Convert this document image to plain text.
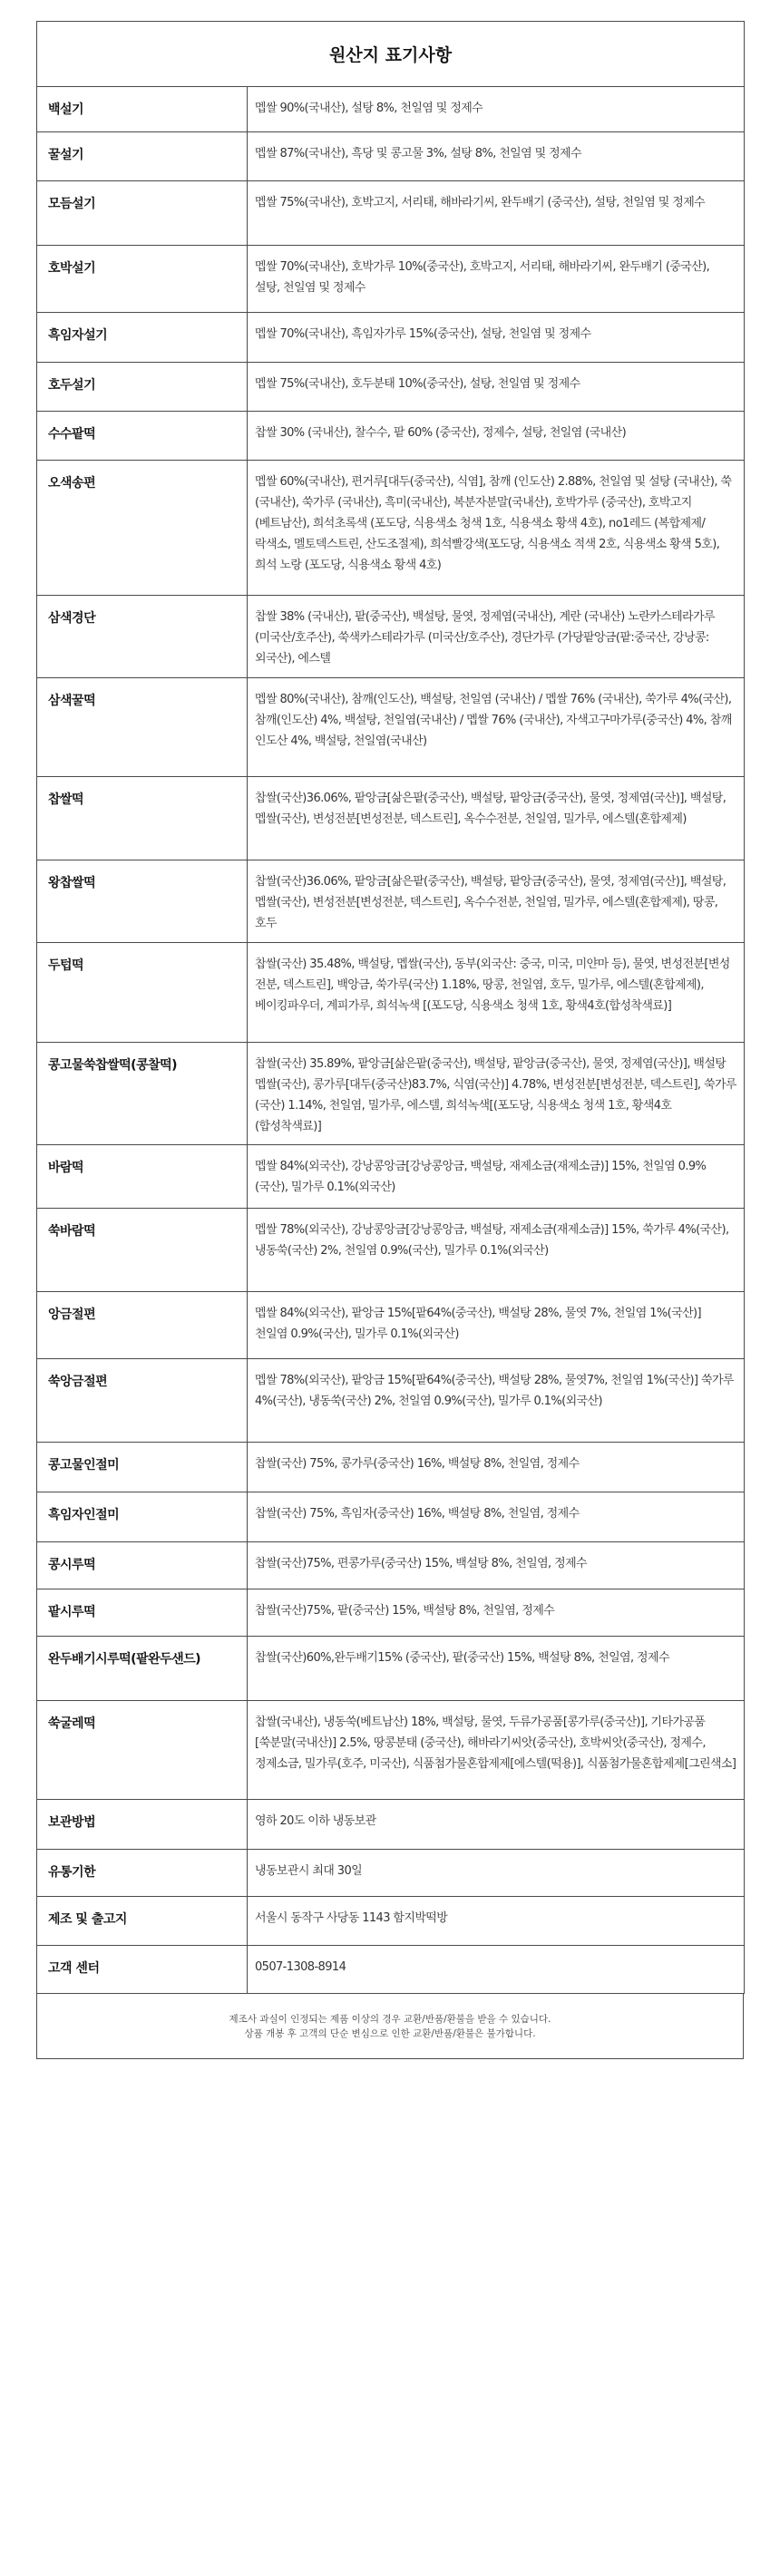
원산지 표기사항	
백설기	멥쌀 90%(국내산), 설탕 8%, 천일염 및 정제수
꿀설기	멥쌀 87%(국내산), 흑당 및 콩고물 3%, 설탕 8%, 천일염 및 정제수
모듬설기	멥쌀 75%(국내산), 호박고지, 서리태, 해바라기씨, 완두배기 (중국산), 설탕, 천일염 및 정제수
호박설기	멥쌀 70%(국내산), 호박가루 10%(중국산), 호박고지, 서리태, 해바라기씨, 완두배기 (중국산), 설탕, 천일염 및 정제수
흑임자설기	멥쌀 70%(국내산), 흑임자가루 15%(중국산), 설탕, 천일염 및 정제수
호두설기	멥쌀 75%(국내산), 호두분태 10%(중국산), 설탕, 천일염 및 정제수
수수팥떡	찹쌀 30% (국내산), 찰수수, 팥 60% (중국산), 정제수, 설탕, 천일염 (국내산)
오색송편	멥쌀 60%(국내산), 편거루[대두(중국산), 식염], 참깨 (인도산) 2.88%, 천일염 및 설탕 (국내산), 쑥 (국내산), 쑥가루 (국내산), 흑미(국내산), 복분자분말(국내산), 호박가루 (중국산), 호박고지 (베트남산), 희석초록색 (포도당, 식용색소 청색 1호, 식용색소 황색 4호), no1레드 (복합제제/락색소, 멜토덱스트린, 산도조절제), 희석빨강색(포도당, 식용색소 적색 2호, 식용색소 황색 5호), 희석 노랑 (포도당, 식용색소 황색 4호)
삼색경단	찹쌀 38% (국내산), 팥(중국산), 백설탕, 물엿, 정제염(국내산), 계란 (국내산) 노란카스테라가루 (미국산/호주산), 쑥색카스테라가루 (미국산/호주산), 경단가루 (가당팥앙금(팥:중국산, 강낭콩:외국산), 에스텔
삼색꿀떡	멥쌀 80%(국내산), 참깨(인도산), 백설탕, 천일염 (국내산) / 멥쌀 76% (국내산), 쑥가루 4%(국산), 참깨(인도산) 4%, 백설탕, 천일염(국내산) / 멥쌀 76% (국내산), 자색고구마가루(중국산) 4%, 참깨 인도산 4%, 백설탕, 천일염(국내산)
찹쌀떡	찹쌀(국산)36.06%, 팥앙금[삶은팥(중국산), 백설탕, 팥앙금(중국산), 물엿, 정제염(국산)], 백설탕, 멥쌀(국산), 변성전분[변성전분, 덱스트린], 옥수수전분, 천일염, 밀가루, 에스텔(혼합제제)
왕찹쌀떡	찹쌀(국산)36.06%, 팥앙금[삶은팥(중국산), 백설탕, 팥앙금(중국산), 물엿, 정제염(국산)], 백설탕, 멥쌀(국산), 변성전분[변성전분, 덱스트린], 옥수수전분, 천일염, 밀가루, 에스텔(혼합제제), 땅콩, 호두
두텁떡	찹쌀(국산) 35.48%, 백설탕, 멥쌀(국산), 동부(외국산: 중국, 미국, 미얀마 등), 물엿, 변성전분[변성 전분, 덱스트린], 백앙금, 쑥가루(국산) 1.18%, 땅콩, 천일염, 호두, 밀가루, 에스텔(혼합제제), 베이킹파우더, 계피가루, 희석녹색 [(포도당, 식용색소 청색 1호, 황색4호(합성착색료)]
콩고물쑥찹쌀떡(콩찰떡)	찹쌀(국산) 35.89%, 팥앙금[삶은팥(중국산), 백설탕, 팥앙금(중국산), 물엿, 정제염(국산)], 백설탕 멥쌀(국산), 콩가루[대두(중국산)83.7%, 식염(국산)] 4.78%, 변성전분[변성전분, 덱스트린], 쑥가루(국산) 1.14%, 천일염, 밀가루, 에스텔, 희석녹색[(포도당, 식용색소 청색 1호, 황색4호(합성착색료)]
바람떡	멥쌀 84%(외국산), 강낭콩앙금[강낭콩앙금, 백설탕, 재제소금(재제소금)] 15%, 천일염 0.9%(국산), 밀가루 0.1%(외국산)
쑥바람떡	멥쌀 78%(외국산), 강낭콩앙금[강낭콩앙금, 백설탕, 재제소금(재제소금)] 15%, 쑥가루 4%(국산), 냉동쑥(국산) 2%, 천일염 0.9%(국산), 밀가루 0.1%(외국산)
앙금절편	멥쌀 84%(외국산), 팥앙금 15%[팥64%(중국산), 백설탕 28%, 물엿 7%, 천일염 1%(국산)] 천일염 0.9%(국산), 밀가루 0.1%(외국산)
쑥앙금절편	멥쌀 78%(외국산), 팥앙금 15%[팥64%(중국산), 백설탕 28%, 물엿7%, 천일염 1%(국산)] 쑥가루 4%(국산), 냉동쑥(국산) 2%, 천일염 0.9%(국산), 밀가루 0.1%(외국산)
콩고물인절미	찹쌀(국산) 75%, 콩가루(중국산) 16%, 백설탕 8%, 천일염, 정제수
흑임자인절미	찹쌀(국산) 75%, 흑임자(중국산) 16%, 백설탕 8%, 천일염, 정제수
콩시루떡	찹쌀(국산)75%, 편콩가루(중국산) 15%, 백설탕 8%, 천일염, 정제수
팥시루떡	찹쌀(국산)75%, 팥(중국산) 15%, 백설탕 8%, 천일염, 정제수
완두배기시루떡(팥완두샌드)	찹쌀(국산)60%,완두배기15% (중국산), 팥(중국산) 15%, 백설탕 8%, 천일염, 정제수
쑥굴레떡	찹쌀(국내산), 냉동쑥(베트남산) 18%, 백설탕, 물엿, 두류가공품[콩가루(중국산)], 기타가공품[쑥분말(국내산)] 2.5%, 땅콩분태 (중국산), 해바라기씨앗(중국산), 호박씨앗(중국산), 정제수, 정제소금, 밀가루(호주, 미국산), 식품첨가물혼합제제[에스텔(떡용)], 식품첨가물혼합제제[그린색소]
보관방법	영하 20도 이하 냉동보관
유통기한	냉동보관시 최대 30일
제조 및 출고지	서울시 동작구 사당동 1143 함지박떡방
고객 센터	0507-1308-8914
제조사 과실이 인정되는 제품 이상의 경우 교환/반품/환불을 받을 수 있습니다.
상품 개봉 후 고객의 단순 변심으로 인한 교환/반품/환불은 불가합니다.
